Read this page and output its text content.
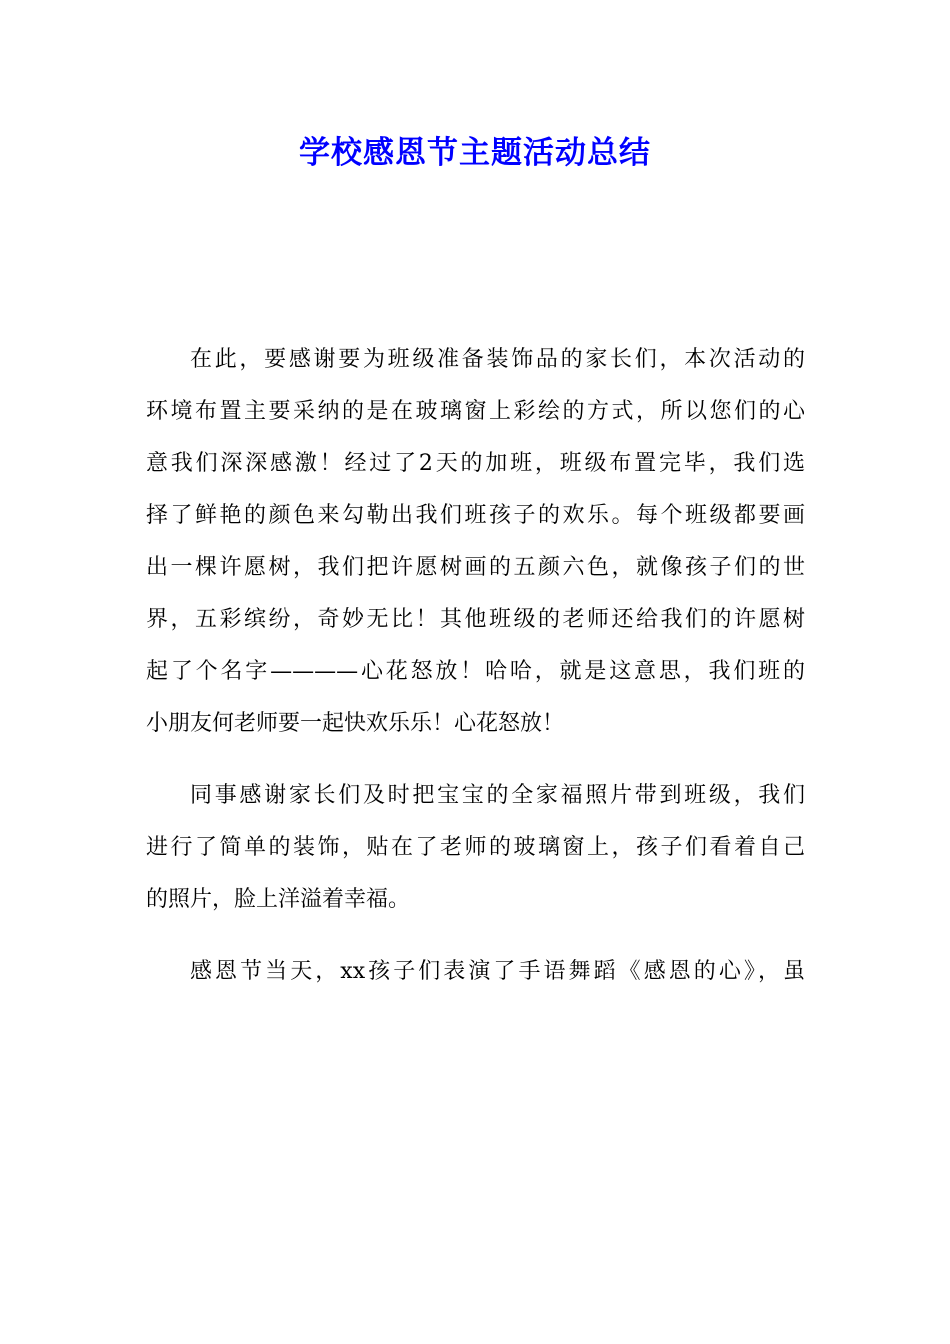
学校感恩节主题活动总结
在此，要感谢要为班级准备装饰品的家长们，本次活动的
环境布置主要采纳的是在玻璃窗上彩绘的方式，所以您们的心
意我们深深感激！经过了2天的加班，班级布置完毕，我们选
择了鲜艳的颜色来勾勒出我们班孩子的欢乐。每个班级都要画
出一棵许愿树，我们把许愿树画的五颜六色，就像孩子们的世
界，五彩缤纷，奇妙无比！其他班级的老师还给我们的许愿树
起了个名字————心花怒放！哈哈，就是这意思，我们班的
小朋友何老师要一起快欢乐乐！心花怒放！
同事感谢家长们及时把宝宝的全家福照片带到班级，我们
进行了简单的装饰，贴在了老师的玻璃窗上，孩子们看着自己
的照片，脸上洋溢着幸福。
感恩节当天，xx孩子们表演了手语舞蹈《感恩的心》，虽
